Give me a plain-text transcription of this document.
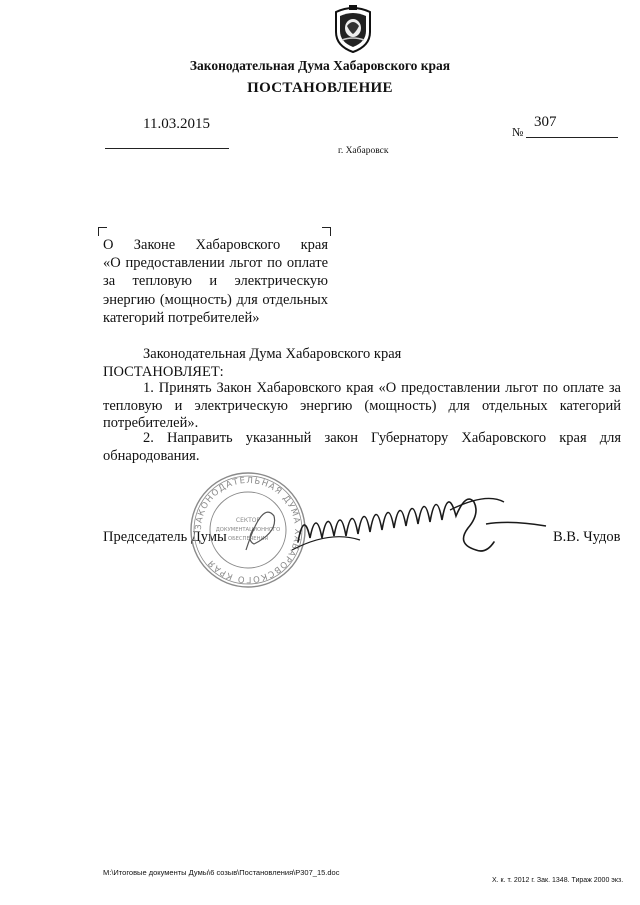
Законодательная Дума Хабаровского края
ПОСТАНОВЛЕНИЕ
11.03.2015	№
307
г. Хабаровск
О Законе Хабаровского края
«О предоставлении льгот по оплате
за тепловую и электрическую
энергию (мощность) для отдельных
категорий потребителей»
Законодательная Дума Хабаровского края
ПОСТАНОВЛЯЕТ:
1. Принять Закон Хабаровского края «О предоставлении льгот по оплате за тепловую и электрическую энергию (мощность) для отдельных категорий потребителей».
2. Направить указанный закон Губернатору Хабаровского края для обнародования.
Председатель Думы	В.В. Чудов
ЗАКОНОДАТЕЛЬНАЯ ДУМА ХАБАРОВСКОГО КРАЯ
СЕКТОР
ДОКУМЕНТАЦИОННОГО
ОБЕСПЕЧЕНИЯ
M:\Итоговые документы Думы\6 созыв\Постановления\P307_15.doc
Х. к. т. 2012 г. Зак. 1348. Тираж 2000 экз.
